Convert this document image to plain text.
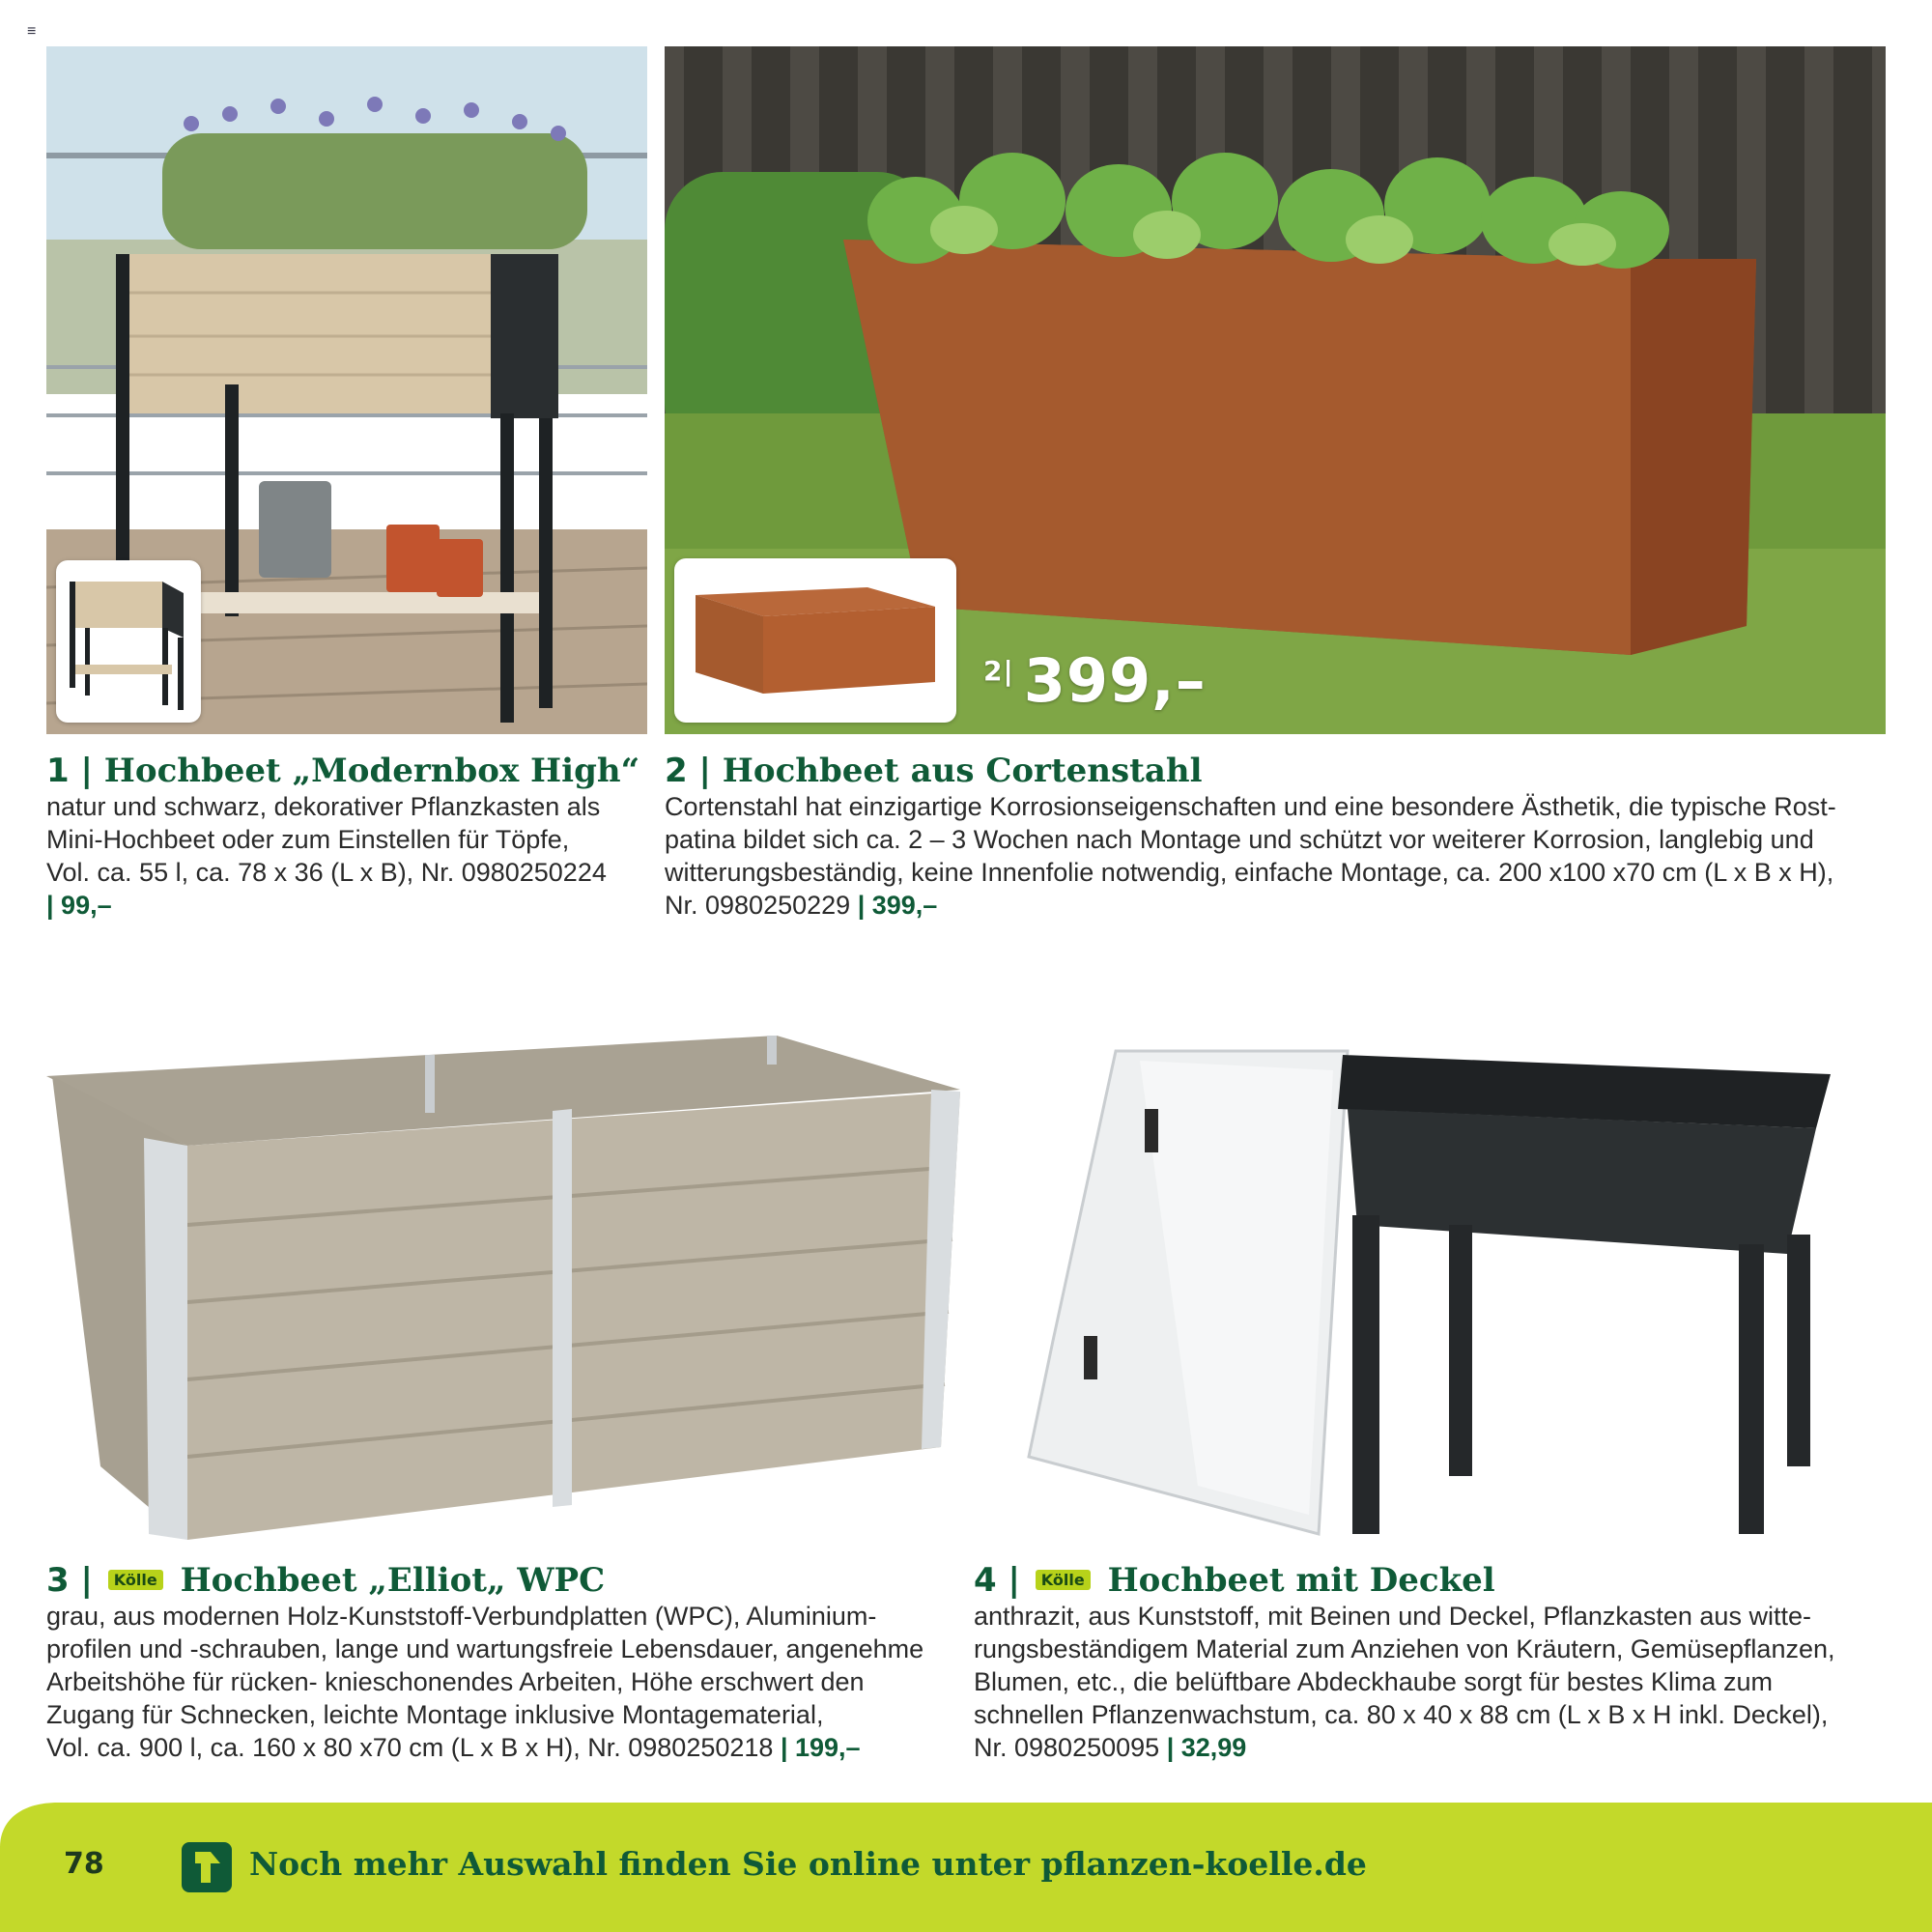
≡
$^{2|}$ 399,–
1 | Hochbeet „Modernbox High“

natur und schwarz, dekorativer Pflanzkasten als

Mini-Hochbeet oder zum Einstellen für Töpfe,

Vol. ca. 55 l, ca. 78 x 36 (L x B), Nr. 0980250224

| 99,–

2 | Hochbeet aus Cortenstahl

Cortenstahl hat einzigartige Korrosionseigenschaften und eine besondere Ästhetik, die typische Rost-

patina bildet sich ca. 2 – 3 Wochen nach Montage und schützt vor weiterer Korrosion, langlebig und

witterungsbeständig, keine Innenfolie notwendig, einfache Montage, ca. 200 x100 x70 cm (L x B x H),

Nr. 0980250229 | 399,–

3 | Kölle Hochbeet „Elliot„ WPC

grau, aus modernen Holz-Kunststoff-Verbundplatten (WPC), Aluminium-

profilen und -schrauben, lange und wartungsfreie Lebensdauer, angenehme

Arbeitshöhe für rücken- knieschonendes Arbeiten, Höhe erschwert den

Zugang für Schnecken, leichte Montage inklusive Montagematerial,

Vol. ca. 900 l, ca. 160 x 80 x70 cm (L x B x H), Nr. 0980250218 | 199,–

4 | Kölle Hochbeet mit Deckel

anthrazit, aus Kunststoff, mit Beinen und Deckel, Pflanzkasten aus witte-

rungsbeständigem Material zum Anziehen von Kräutern, Gemüsepflanzen,

Blumen, etc., die belüftbare Abdeckhaube sorgt für bestes Klima zum

schnellen Pflanzenwachstum, ca. 80 x 40 x 88 cm (L x B x H inkl. Deckel),

Nr. 0980250095 | 32,99

78	Noch mehr Auswahl finden Sie online unter pflanzen-koelle.de
